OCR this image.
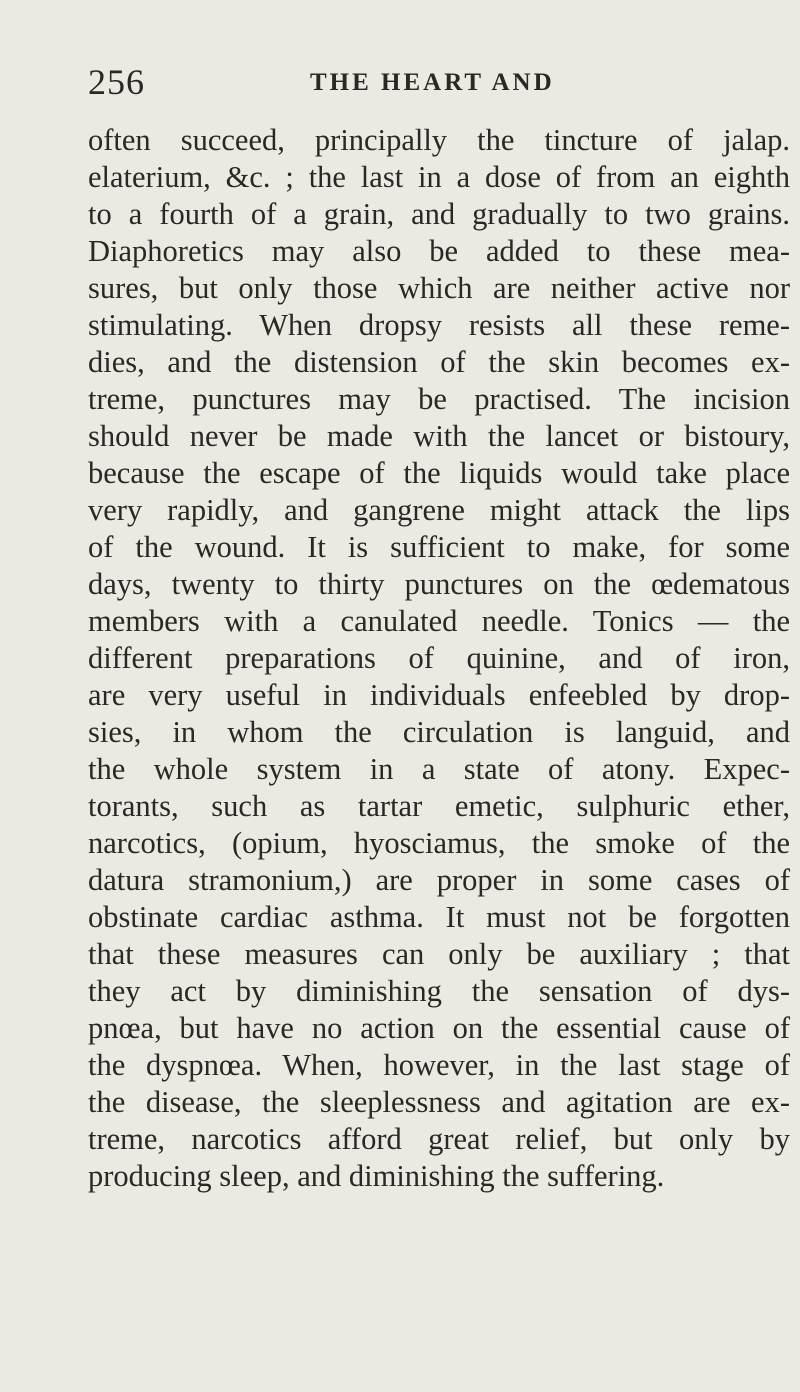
256	THE HEART AND
often succeed, principally the tincture of jalap.
elaterium, &c. ; the last in a dose of from an eighth
to a fourth of a grain, and gradually to two grains.
Diaphoretics may also be added to these mea-
sures, but only those which are neither active nor
stimulating. When dropsy resists all these reme-
dies, and the distension of the skin becomes ex-
treme, punctures may be practised. The incision
should never be made with the lancet or bistoury,
because the escape of the liquids would take place
very rapidly, and gangrene might attack the lips
of the wound. It is sufficient to make, for some
days, twenty to thirty punctures on the œdematous
members with a canulated needle. Tonics — the
different preparations of quinine, and of iron,
are very useful in individuals enfeebled by drop-
sies, in whom the circulation is languid, and
the whole system in a state of atony. Expec-
torants, such as tartar emetic, sulphuric ether,
narcotics, (opium, hyosciamus, the smoke of the
datura stramonium,) are proper in some cases of
obstinate cardiac asthma. It must not be forgotten
that these measures can only be auxiliary ; that
they act by diminishing the sensation of dys-
pnœa, but have no action on the essential cause of
the dyspnœa. When, however, in the last stage of
the disease, the sleeplessness and agitation are ex-
treme, narcotics afford great relief, but only by
producing sleep, and diminishing the suffering.
